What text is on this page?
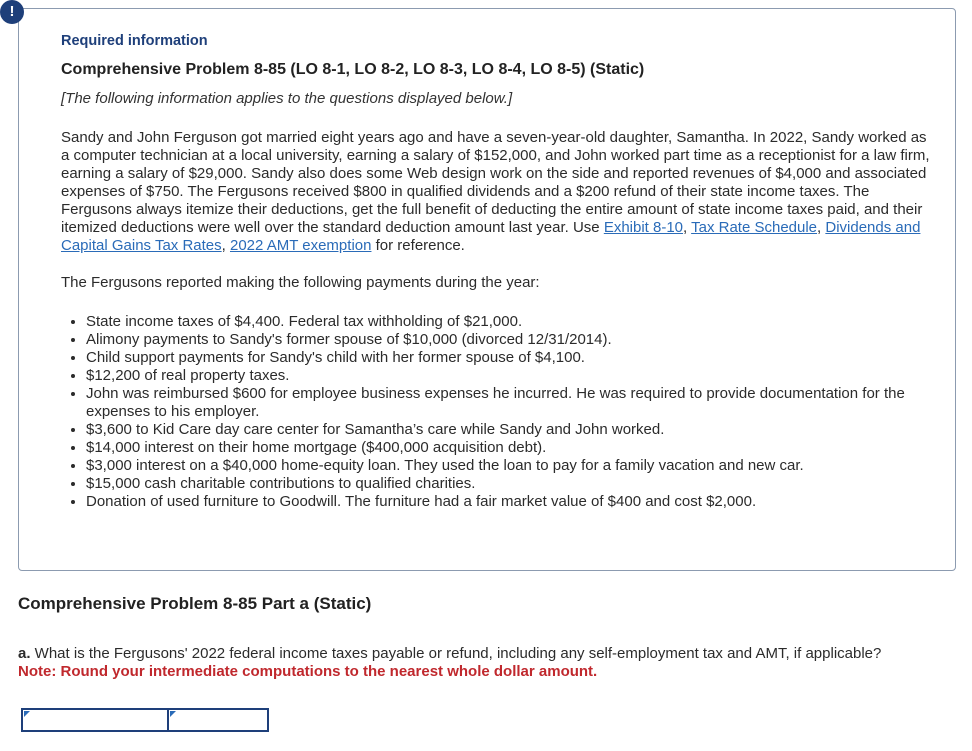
!
Required information
Comprehensive Problem 8-85 (LO 8-1, LO 8-2, LO 8-3, LO 8-4, LO 8-5) (Static)
[The following information applies to the questions displayed below.]
Sandy and John Ferguson got married eight years ago and have a seven-year-old daughter, Samantha. In 2022, Sandy worked as a computer technician at a local university, earning a salary of $152,000, and John worked part time as a receptionist for a law firm, earning a salary of $29,000. Sandy also does some Web design work on the side and reported revenues of $4,000 and associated expenses of $750. The Fergusons received $800 in qualified dividends and a $200 refund of their state income taxes. The Fergusons always itemize their deductions, get the full benefit of deducting the entire amount of state income taxes paid, and their itemized deductions were well over the standard deduction amount last year. Use Exhibit 8-10, Tax Rate Schedule, Dividends and Capital Gains Tax Rates, 2022 AMT exemption for reference.
The Fergusons reported making the following payments during the year:
• State income taxes of $4,400. Federal tax withholding of $21,000.
• Alimony payments to Sandy's former spouse of $10,000 (divorced 12/31/2014).
• Child support payments for Sandy's child with her former spouse of $4,100.
• $12,200 of real property taxes.
• John was reimbursed $600 for employee business expenses he incurred. He was required to provide documentation for the expenses to his employer.
• $3,600 to Kid Care day care center for Samantha’s care while Sandy and John worked.
• $14,000 interest on their home mortgage ($400,000 acquisition debt).
• $3,000 interest on a $40,000 home-equity loan. They used the loan to pay for a family vacation and new car.
• $15,000 cash charitable contributions to qualified charities.
• Donation of used furniture to Goodwill. The furniture had a fair market value of $400 and cost $2,000.
Comprehensive Problem 8-85 Part a (Static)
a. What is the Fergusons' 2022 federal income taxes payable or refund, including any self-employment tax and AMT, if applicable?
Note: Round your intermediate computations to the nearest whole dollar amount.
